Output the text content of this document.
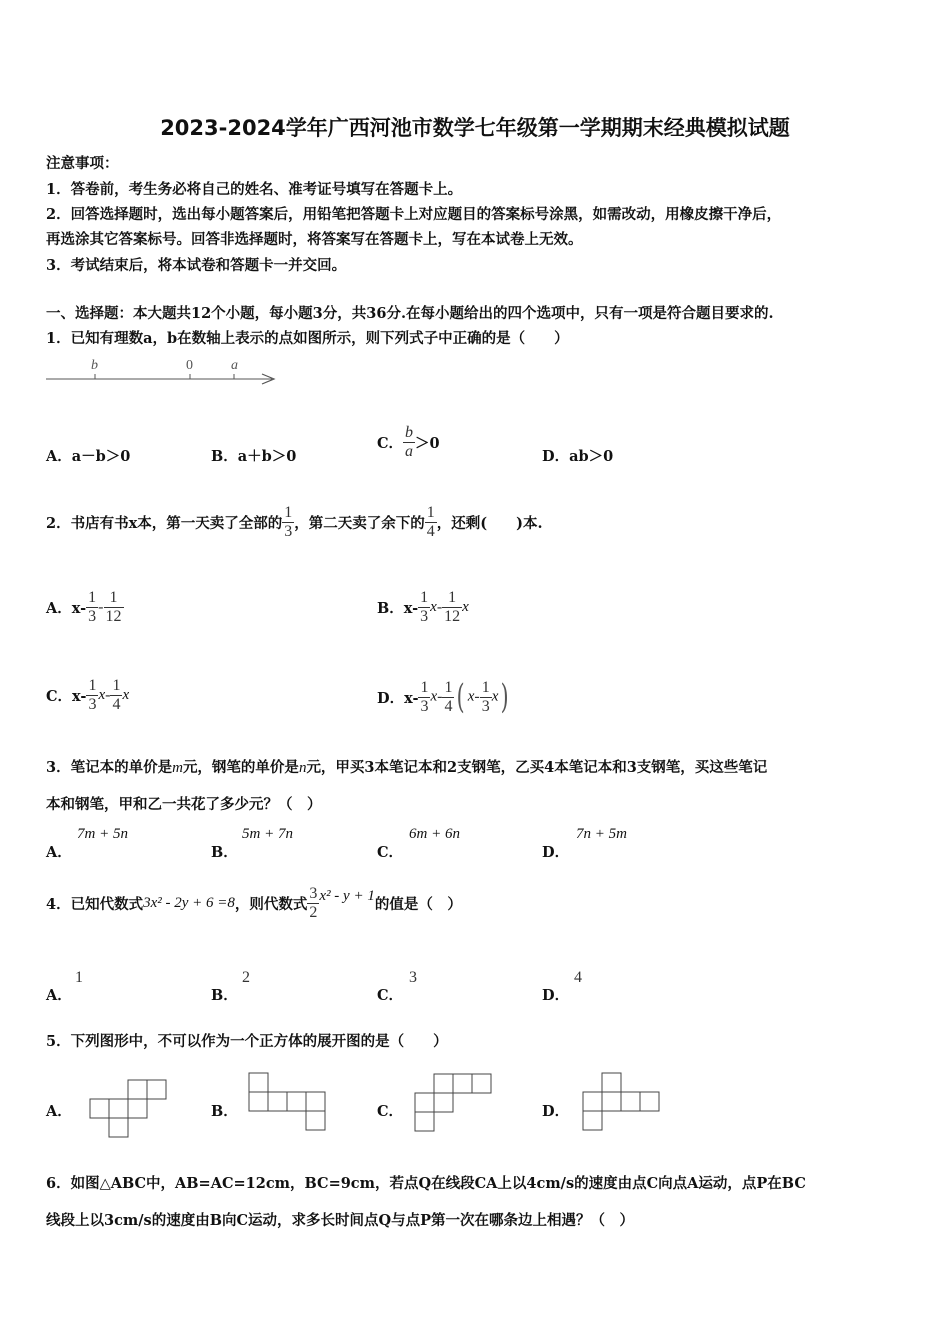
2023-2024学年广西河池市数学七年级第一学期期末经典模拟试题
注意事项：
1．答卷前，考生务必将自己的姓名、准考证号填写在答题卡上。
2．回答选择题时，选出每小题答案后，用铅笔把答题卡上对应题目的答案标号涂黑，如需改动，用橡皮擦干净后，
再选涂其它答案标号。回答非选择题时，将答案写在答题卡上，写在本试卷上无效。
3．考试结束后，将本试卷和答题卡一并交回。
一、选择题：本大题共12个小题，每小题3分，共36分.在每小题给出的四个选项中，只有一项是符合题目要求的.
1．已知有理数a，b在数轴上表示的点如图所示，则下列式子中正确的是（　　）
b	0	a
A．a－b＞0	B．a＋b＞0
C． $\frac{b}{a} >0$
D．ab＞0
2．书店有书x本，第一天卖了全部的 $\frac{1}{3}$ ，第二天卖了余下的 $\frac{1}{4}$ ，还剩(　　)本.
A．$x- \frac{1}{3} - \frac{1}{12}$	B．$x- \frac{1}{3} x- \frac{1}{12}$ x
C．$x- \frac{1}{3} x- \frac{1}{4}$ x	D．$x- \frac{1}{3} x- \frac{1}{4}$ ( $x- \frac{1}{3} x$)
3．笔记本的单价是m元，钢笔的单价是n元，甲买3本笔记本和2支钢笔，乙买4本笔记本和3支钢笔，买这些笔记
本和钢笔，甲和乙一共花了多少元？（　）
A．
7m + 5n
B．
5m + 7n
C．
6m + 6n
D．
7n + 5m
4．已知代数式3x² - 2y + 6 =8，则代数式 $\frac{3}{2} x^2 - y + 1$的值是（　）
A．
1
B．
2
C．
3
D．
4
5．下列图形中，不可以作为一个正方体的展开图的是（　　）
A．	B．	C．	D．
6．如图△ABC中，AB=AC=12cm，BC=9cm，若点Q在线段CA上以4cm/s的速度由点C向点A运动，点P在BC
线段上以3cm/s的速度由B向C运动，求多长时间点Q与点P第一次在哪条边上相遇？（　）
